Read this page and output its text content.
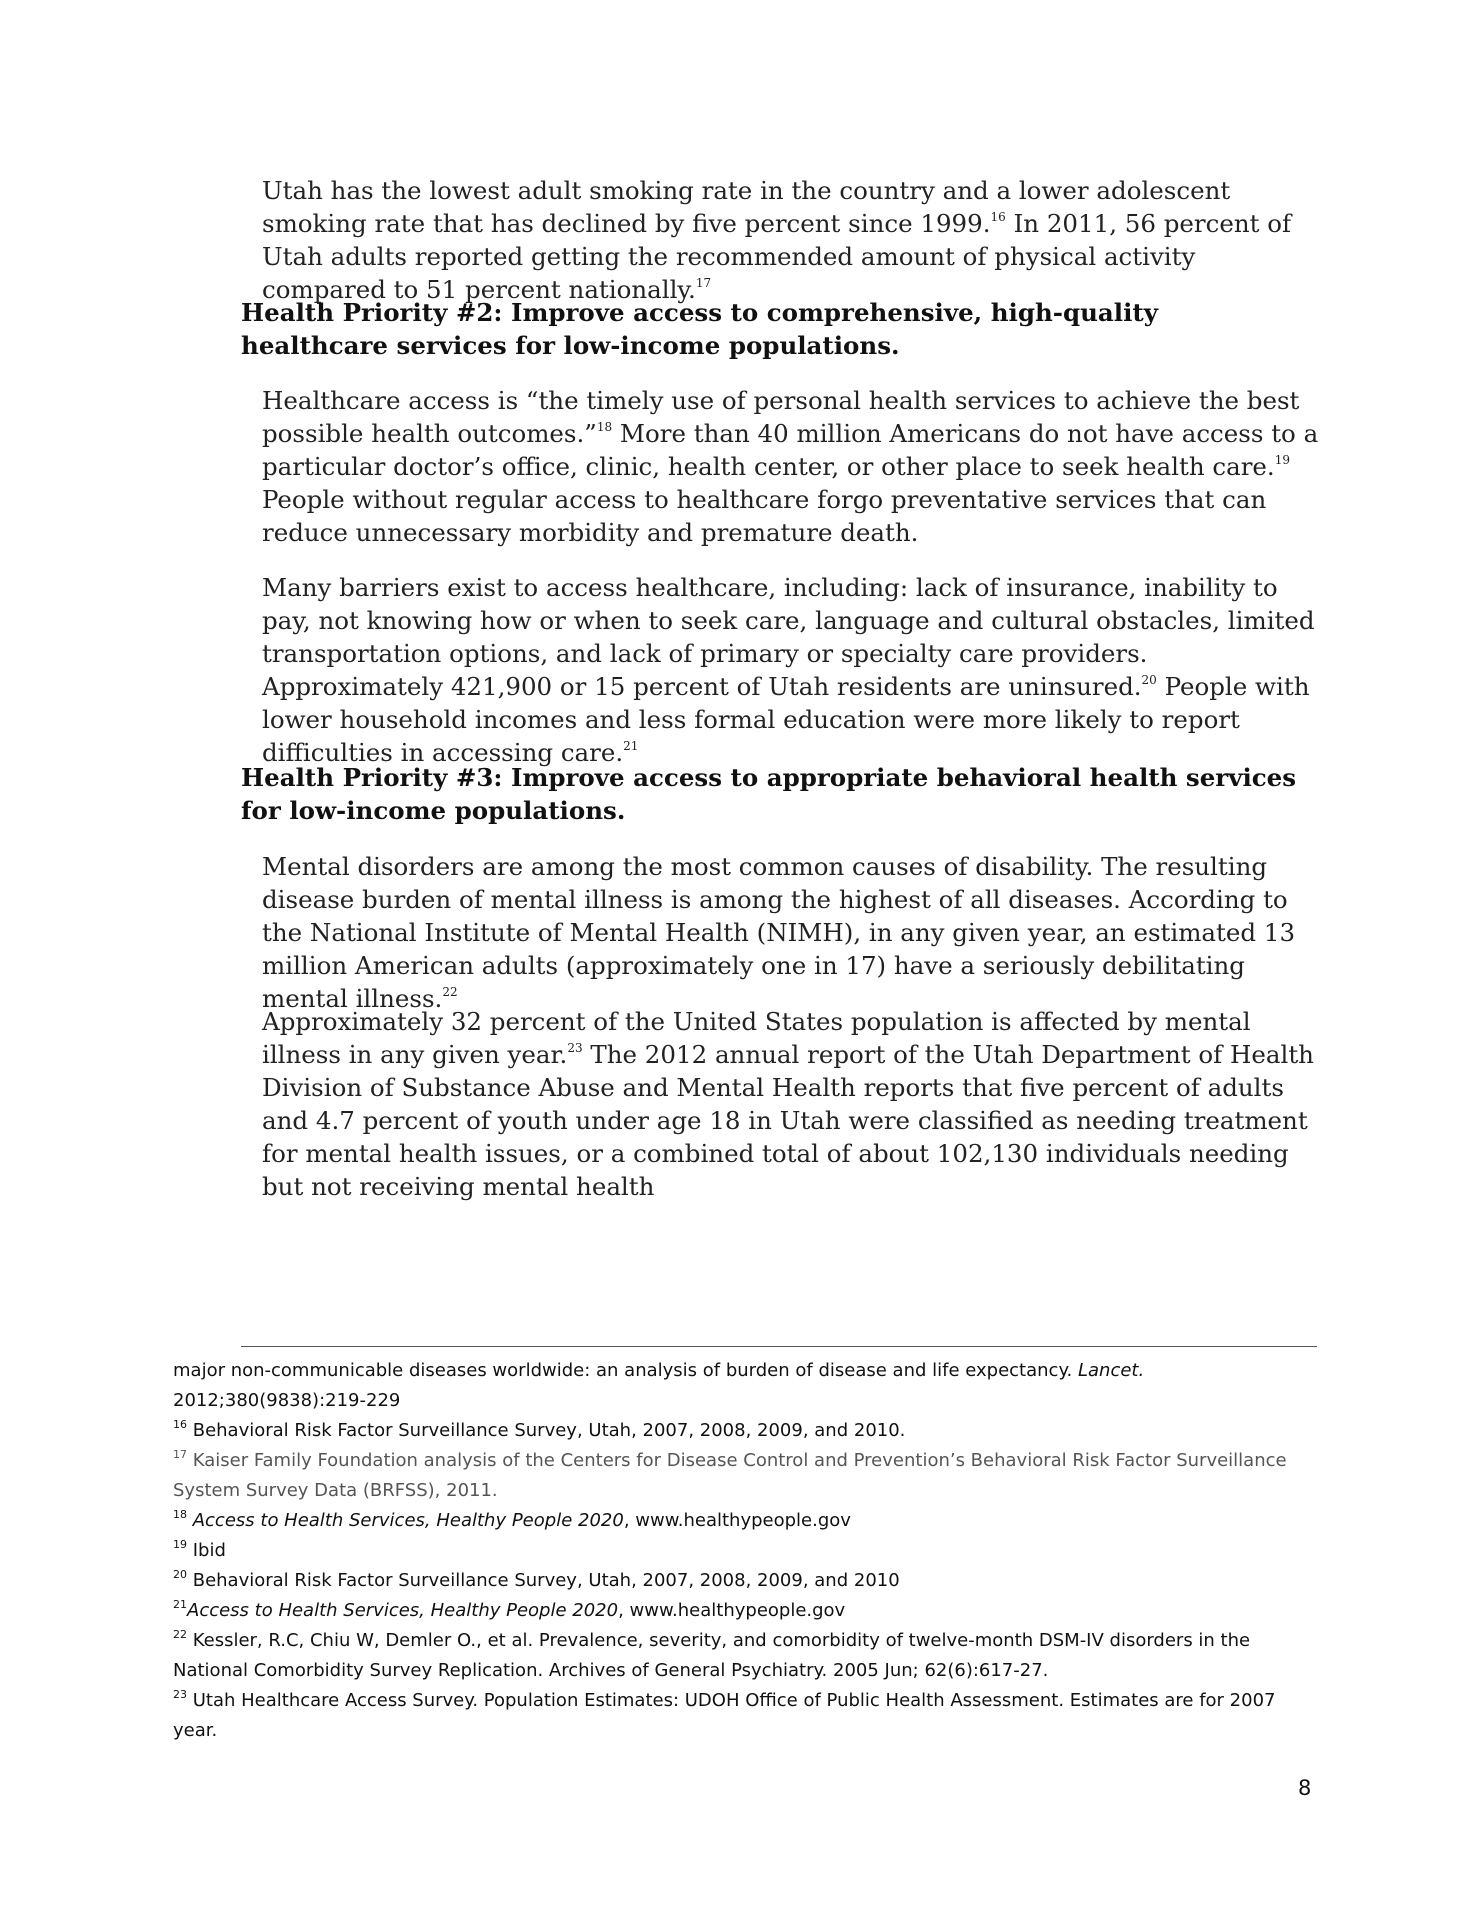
Utah has the lowest adult smoking rate in the country and a lower adolescent smoking rate that has declined by five percent since 1999.16 In 2011, 56 percent of Utah adults reported getting the recommended amount of physical activity compared to 51 percent nationally.$^{17}$

Health Priority #2: Improve access to comprehensive, high-quality healthcare services for low-income populations.

Healthcare access is “the timely use of personal health services to achieve the best possible health outcomes.”$^{18}$ More than 40 million Americans do not have access to a particular doctor’s office, clinic, health center, or other place to seek health care.$^{19}$ People without regular access to healthcare forgo preventative services that can reduce unnecessary morbidity and premature death.

Many barriers exist to access healthcare, including: lack of insurance, inability to pay, not knowing how or when to seek care, language and cultural obstacles, limited transportation options, and lack of primary or specialty care providers. Approximately 421,900 or 15 percent of Utah residents are uninsured.$^{20}$ People with lower household incomes and less formal education were more likely to report difficulties in accessing care.$^{21}$

Health Priority #3: Improve access to appropriate behavioral health services for low-income populations.

Mental disorders are among the most common causes of disability. The resulting disease burden of mental illness is among the highest of all diseases. According to the National Institute of Mental Health (NIMH), in any given year, an estimated 13 million American adults (approximately one in 17) have a seriously debilitating mental illness.$^{22}$

Approximately 32 percent of the United States population is affected by mental illness in any given year.$^{23}$ The 2012 annual report of the Utah Department of Health Division of Substance Abuse and Mental Health reports that five percent of adults and 4.7 percent of youth under age 18 in Utah were classified as needing treatment for mental health issues, or a combined total of about 102,130 individuals needing but not receiving mental health

major non-communicable diseases worldwide: an analysis of burden of disease and life expectancy. Lancet. 2012;380(9838):219-229

$^{16}$ Behavioral Risk Factor Surveillance Survey, Utah, 2007, 2008, 2009, and 2010.

$^{17}$ Kaiser Family Foundation analysis of the Centers for Disease Control and Prevention’s Behavioral Risk Factor Surveillance System Survey Data (BRFSS), 2011.

$^{18}$ Access to Health Services, Healthy People 2020, www.healthypeople.gov

$^{19}$ Ibid

$^{20}$ Behavioral Risk Factor Surveillance Survey, Utah, 2007, 2008, 2009, and 2010

$^{21}$Access to Health Services, Healthy People 2020, www.healthypeople.gov

$^{22}$ Kessler, R.C, Chiu W, Demler O., et al. Prevalence, severity, and comorbidity of twelve-month DSM-IV disorders in the National Comorbidity Survey Replication. Archives of General Psychiatry. 2005 Jun; 62(6):617-27.

$^{23}$ Utah Healthcare Access Survey. Population Estimates: UDOH Office of Public Health Assessment. Estimates are for 2007 year.

8
